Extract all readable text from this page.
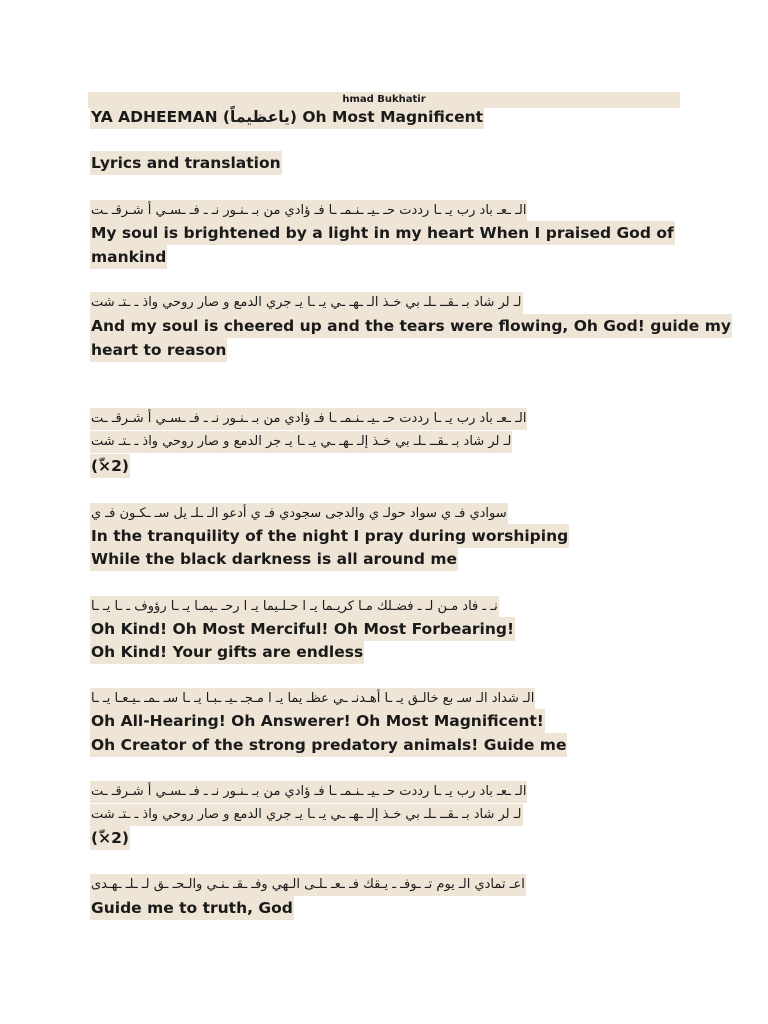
hmad Bukhatir
YA ADHEEMAN (ياعظيماً) Oh Most Magnificent
Lyrics and translation
الـ ـعـ باد رب يـ ـا رددت حـ ـيـ ـنـمـ ـا فـ ؤادي من بـ ـنـور نـ ـ فـ ـسـي أ شـرقـ ـت
My soul is brightened by a light in my heart When I praised God of
mankind
لـ لر شاد بـ ـقــ ـلـ بي خـذ الـ ـهـ ـي يـ ـا يـ جري الدمع و صار روحي واذ ـ ـتـ شت
And my soul is cheered up and the tears were flowing, Oh God! guide my
heart to reason
الـ ـعـ باد رب يـ ـا رددت حـ ـيـ ـنـمـ ـا فـ ؤادي من بـ ـنـور نـ ـ فـ ـسـي أ شـرقـ ـت
لـ لر شاد بـ ـقــ ـلـ بي خـذ إلـ ـهـ ـي يـ ـا يـ جر الدمع و صار روحي واذ ـ ـتـ شت
(ّ×2)
سوادي فـ ي سواد حولـ ي والدجى سجودي فـ ي أدعو الـ ـلـ يل سـ ـكـون فـ ي
In the tranquility of the night I pray during worshiping
While the black darkness is all around me
نـ ـ فاد مـن لـ ـ فضـلك مـا كريـما يـ ا حـلـيما يـ ا رحـ ـيمـا يـ ـا رؤوف ـ ـا يـ ـا
Oh Kind! Oh Most Merciful! Oh Most Forbearing!
Oh Kind! Your gifts are endless
الـ شداد الـ سـ بع خالـق يـ ـا أهـدنـ ـي عظـ يما يـ ا مـجـ ـيـ ـبـا يـ ـا سـ ـمـ ـيـعـا يـ ـا
Oh All-Hearing! Oh Answerer! Oh Most Magnificent!
Oh Creator of the strong predatory animals! Guide me
الـ ـعـ باد رب يـ ـا رددت حـ ـيـ ـنـمـ ـا فـ ؤادي من بـ ـنـور نـ ـ فـ ـسـي أ شـرقـ ـت
لـ لر شاد بـ ـقــ ـلـ بي خـذ إلـ ـهـ ـي يـ ـا يـ جري الدمع و صار روحي واذ ـ ـتـ شت
(ّ×2)
اعـ تمادي الـ يوم تـ ـوفـ ـ يـقك فـ ـعـ ـلـى الـهي وفـ ـقـ ـنـي والـحـ ـق لـ ـلـ ـهـدى
Guide me to truth, God
